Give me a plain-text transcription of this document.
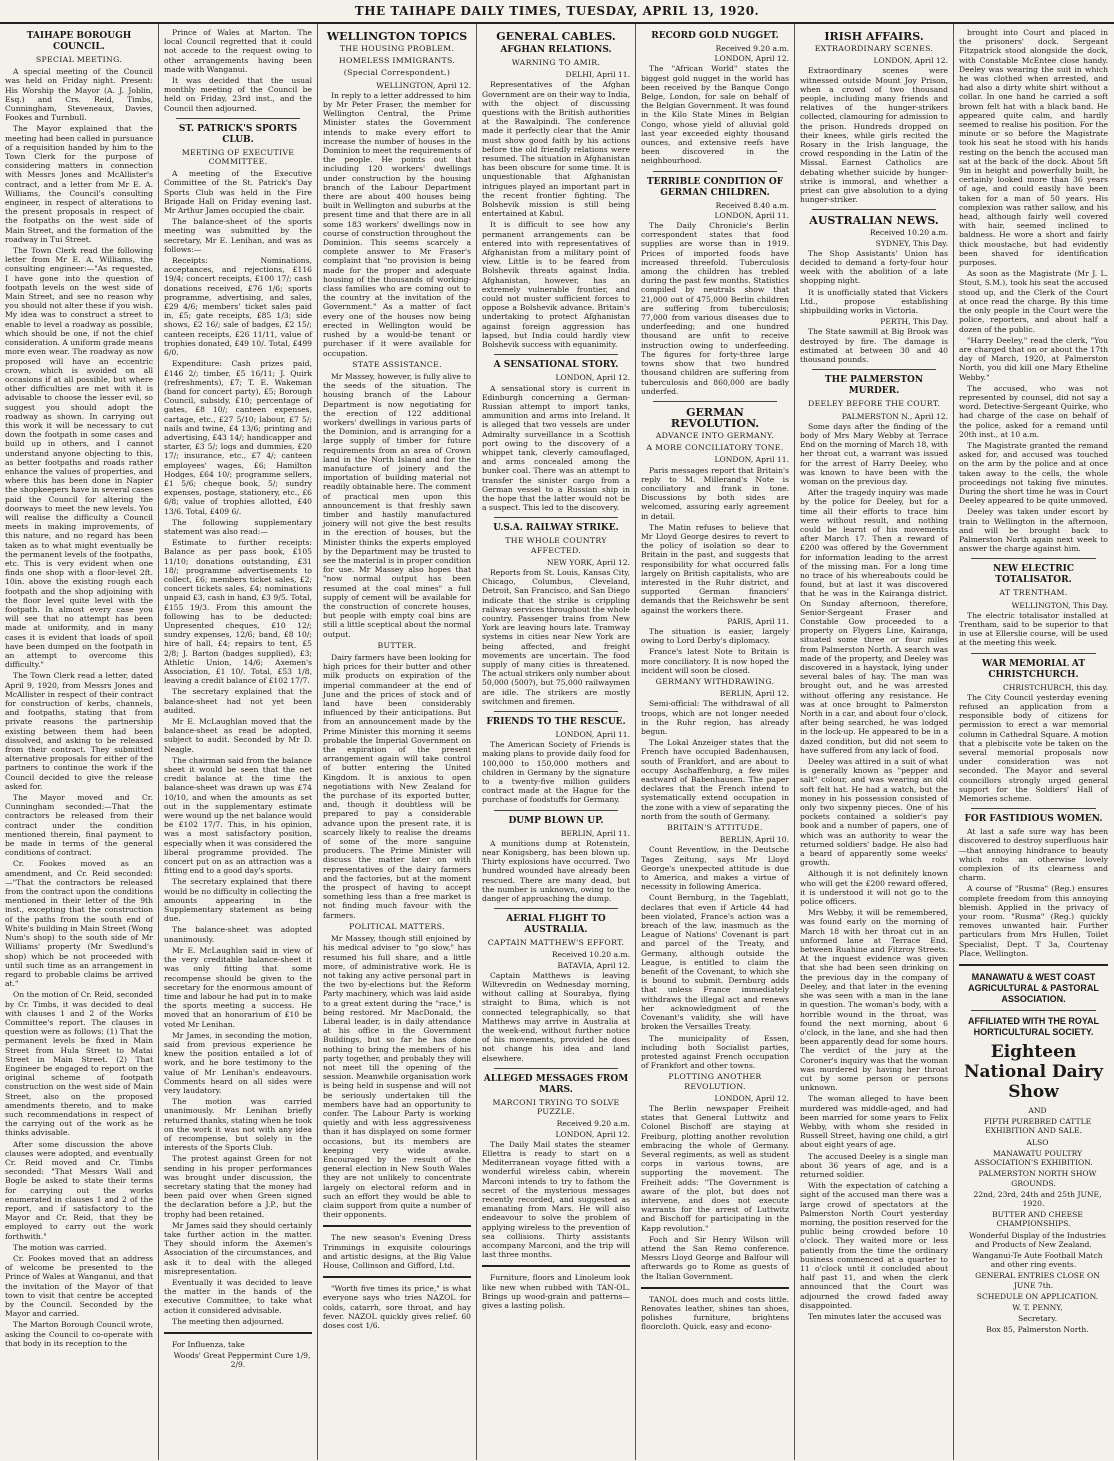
THE TAIHAPE DAILY TIMES, TUESDAY, APRIL 13, 1920.
TAIHAPE BOROUGH COUNCIL.
SPECIAL MEETING.

A special meeting of the Council was held on Friday night. Present: His Worship the Mayor (A. J. Joblin, Esq.) and Crs. Reid, Timbs, Cunningham, Steveneaux, Davies, Fookes and Turnbull.

The Mayor explained that the meeting had been called in pursuance of a requisition handed by him to the Town Clerk for the purpose of considering matters in connection with Messrs Jones and McAllister's contract, and a letter from Mr E. A. Williams, the Council's consulting engineer, in respect of alterations to the present proposals in respect of the footpaths on the west side of Main Street, and the formation of the roadway in Tui Street.

The Town Clerk read the following letter from Mr E. A. Williams, the consulting engineer:—"As requested, I have gone into the question of footpath levels on the west side of Main Street, and see no reason why you should not alter these if you wish. My idea was to construct a street to enable to level a roadway as possible, which should be one, if not the chief consideration. A uniform grade means more even wear. The roadway as now proposed will have an eccentric crown, which is avoided on all occasions if at all possible, but where other difficulties are met with it is advisable to choose the lesser evil, so suggest you should adopt the roadway as shown. In carrying out this work it will be necessary to cut down the footpath in some cases and build up in others, and I cannot understand anyone objecting to this, as better footpaths and roads rather enhance the values of properties, and where this has been done in Napier the shopkeepers have in several cases paid the Council for altering the doorways to meet the new levels. You will realise the difficulty a Council meets in making improvements, of this nature, and no regard has been taken as to what might eventually be the permanent levels of the footpaths, etc. This is very evident when one finds one shop with a floor-level 2ft. 10in. above the existing rough each footpath and the shop adjoining with the floor level quite level with the footpath. In almost every case you will see that no attempt has been made at uniformity, and in many cases it is evident that loads of spoil have been dumped on the footpath in an attempt to overcome this difficulty."

The Town Clerk read a letter, dated April 9, 1920, from Messrs Jones and McAllister in respect of their contract for construction of kerbs, channels, and footpaths, stating that from private reasons the partnership existing between them had been dissolved, and asking to be released from their contract. They submitted alternative proposals for either of the partners to continue the work if the Council decided to give the release asked for.

The Mayor moved and Cr. Cunningham seconded:—That the contractors be released from their contract under the condition mentioned therein, final payment to be made in terms of the general conditions of contract.

Cr. Fookes moved as an amendment, and Cr. Reid seconded:—"That the contractors be released from the contract upon the conditions mentioned in their letter of the 9th inst., excepting that the construction of the paths from the south end of White's building in Main Street (Wong Num's shop) to the south side of Mr Williams' property (Mr Swedlund's shop) which be not proceeded with until such time as an arrangement in regard to probable claims be arrived at."

On the motion of Cr. Reid, seconded by Cr. Timbs, it was decided to deal with clauses 1 and 2 of the Works Committee's report. The clauses in question were as follows: (1) That the permanent levels be fixed in Main Street from Hula Street to Matai Street in Main Street. (2) That Engineer be engaged to report on the original scheme of footpath construction on the west side of Main Street, also on the proposed amendments thereto, and to make such recommendations in respect of the carrying out of the work as he thinks advisable.

After some discussion the above clauses were adopted, and eventually Cr. Reid moved and Cr. Timbs seconded: "That Messrs Wall and Bogle be asked to state their terms for carrying out the works enumerated in clauses 1 and 2 of the report, and if satisfactory to the Mayor and Cr. Reid, that they be employed to carry out the work forthwith."

The motion was carried.

Cr. Fookes moved that an address of welcome be presented to the Prince of Wales at Wanganui, and that the invitation of the Mayor of that town to visit that centre be accepted by the Council. Seconded by the Mayor and carried.

The Marton Borough Council wrote, asking the Council to co-operate with that body in its reception to the

Prince of Wales at Marton. The local Council regretted that it could not accede to the request owing to other arrangements having been made with Wanganui.

It was decided that the usual monthly meeting of the Council be held on Friday, 23rd inst., and the Council then adjourned.

ST. PATRICK'S SPORTS CLUB.
MEETING OF EXECUTIVE COMMITTEE.

A meeting of the Executive Committee of the St. Patrick's Day Sports Club was held in the Fire Brigade Hall on Friday evening last. Mr Arthur James occupied the chair.

The balance-sheet of the sports meeting was submitted by the secretary, Mr E. Lenihan, and was as follows:—

Receipts: Nominations, acceptances, and rejections, £116 19/4; concert receipts, £100 17/; cash donations received, £76 1/6; sports programme, advertising, and sales, £29 4/6; members' ticket sales paid in, £5; gate receipts, £85 1/3; side shows, £2 16/; sale of badges, £2 15/; canteen receipts, £26 11/11, value of trophies donated, £49 10/. Total, £499 6/0.

Expenditure: Cash prizes paid, £146 2/; timber, £5 16/11; J. Quirk (refreshments), £7; T. E. Wakeman (band for concert party), £5; Borough Council, subsidy, £10; percentage of gates, £8 10/; canteen expenses, cartage, etc., £27 5/10; labour, £7 5/; nails and twine, £4 13/6; printing and advertising, £43 14/; handicapper and starter, £3 5/; logs and dummies, £20 17/; insurance, etc., £7 4/; canteen employees' wages, £6; Hamilton Hodges, £64 10/; programme sellers, £1 5/6; cheque book, 5/; sundry expenses, postage, stationery, etc., £6 6/8; value of trophies allotted, £40 13/6. Total, £409 6/.

The following supplementary statement was also read:—

Estimate to further receipts: Balance as per pass book, £105 11/10; donations outstanding, £31 18/; programme advertisements to collect, £6; members ticket sales, £2; concert tickets sales, £4; nominations unpaid £3, cash in hand, £3 9/5. Total, £155 19/3. From this amount the following has to be deducted: Unpresented cheques, £10 12/; sundry expenses, 12/6; band, £8 10/; hire of hall, £4; repairs to tent, £5 2/8; J. Barton (badges supplied), £3; Athletic Union, 14/6; Axemen's Association, £1 10/. Total, £53 1/8, leaving a credit balance of £102 17/7.

The secretary explained that the balance-sheet had not yet been audited.

Mr E. McLaughlan moved that the balance-sheet as read be adopted, subject to audit. Seconded by Mr D. Neagle.

The chairman said from the balance sheet it would be seen that the net credit balance at the time the balance-sheet was drawn up was £74 10/10, and when the amounts as set out in the supplementary estimate were wound up the net balance would be £102 17/7. This, in his opinion, was a most satisfactory position, especially when it was considered the liberal programme provided. The concert put on as an attraction was a fitting end to a good day's sports.

The secretary explained that there would be no difficulty in collecting the amounts appearing in the Supplementary statement as being due.

The balance-sheet was adopted unanimously.

Mr E. McLaughlan said in view of the very creditable balance-sheet it was only fitting that some recompense should be given to the secretary for the enormous amount of time and labour he had put in to make the sports meeting a success. He moved that an honorarium of £10 be voted Mr Lenihan.

Mr James, in seconding the motion, said from previous experience he knew the position entailed a lot of work, and he bore testimony to the value of Mr Lenihan's endeavours. Comments heard on all sides were very laudatory.

The motion was carried unanimously. Mr Lenihan briefly returned thanks, stating when he took on the work it was not with any idea of recompense, but solely in the interests of the Sports Club.

The protest against Green for not sending in his proper performances was brought under discussion, the secretary stating that the money had been paid over when Green signed the declaration before a J.P., but the trophy had been retained.

Mr James said they should certainly take further action in the matter. They should inform the Axemen's Association of the circumstances, and ask it to deal with the alleged misrepresentation.

Eventually it was decided to leave the matter in the hands of the executive Committee, to take what action it considered advisable.

The meeting then adjourned.

For Influenza, take

Woods' Great Peppermint Cure 1/9, 2/9.

WELLINGTON TOPICS
THE HOUSING PROBLEM.
HOMELESS IMMIGRANTS.
(Special Correspondent.)
WELLINGTON, April 12.

In reply to a letter addressed to him by Mr Peter Fraser, the member for Wellington Central, the Prime Minister states the Government intends to make every effort to increase the number of houses in the Dominion to meet the requirements of the people. He points out that including 120 workers' dwellings under construction by the housing branch of the Labour Department there are about 400 houses being built in Wellington and suburbs at the present time and that there are in all some 183 workers' dwellings now in course of construction throughout the Dominion. This seems scarcely a complete answer to Mr Fraser's complaint that "no provision is being made for the proper and adequate housing of the thousands of working-class families who are coming out to the country at the invitation of the Government." As a matter of fact every one of the houses now being erected in Wellington would be rushed by a would-be tenant or purchaser if it were available for occupation.

STATE ASSISTANCE.

Mr Massey, however, is fully alive to the seeds of the situation. The housing branch of the Labour Department is now negotiating for the erection of 122 additional workers' dwellings in various parts of the Dominion, and is arranging for a large supply of timber for future requirements from an area of Crown land in the North Island and for the manufacture of joinery and the importation of building material not readily obtainable here. The comment of practical men upon this announcement is that freshly sawn timber and hastily manufactured joinery will not give the best results in the erection of houses, but the Minister thinks the experts employed by the Department may be trusted to see the material is in proper condition for use. Mr Massey also hopes that "now normal output has been resumed at the coal mines" a full supply of cement will be available for the construction of concrete houses, but people with empty coal bins are still a little sceptical about the normal output.

BUTTER.

Dairy farmers have been looking for high prices for their butter and other milk products on expiration of the imperial commandeer at the end of June and the prices of stock and of land have been considerably influenced by their anticipations. But from an announcement made by the Prime Minister this morning it seems probable the Imperial Government on the expiration of the present arrangement again will take control of butter entering the United Kingdom. It is anxious to open negotiations with New Zealand for the purchase of its exported butter, and, though it doubtless will be prepared to pay a considerable advance upon the present rate, it is scarcely likely to realise the dreams of some of the more sanguine producers. The Prime Minister will discuss the matter later on with representatives of the dairy farmers and the factories, but at the moment the prospect of having to accept something less than a free market is not finding much favour with the farmers.

POLITICAL MATTERS.

Mr Massey, though still enjoined by his medical adviser to "go slow," has resumed his full share, and a little more, of administrative work. He is not taking any active personal part in the two by-elections but the Reform Party machinery, which was laid aside to a great extent during the "race," is being restored. Mr MacDonald, the Liberal leader, is in daily attendance at his office in the Government Buildings, but so far he has done nothing to bring the members of his party together, and probably they will not meet till the opening of the session. Meanwhile organisation work is being held in suspense and will not be seriously undertaken till the members have had an opportunity to confer. The Labour Party is working quietly and with less aggressiveness than it has displayed on some former occasions, but its members are keeping very wide awake. Encouraged by the result of the general election in New South Wales they are not unlikely to concentrate largely on electoral reform and in such an effort they would be able to claim support from quite a number of their opponents.

The new season's Evening Dress Trimmings in exquisite colourings and artistic designs, at the Big Value House, Collinson and Gifford, Ltd.

"Worth five times its price," is what everyone says who tries NAZOL for colds, catarrh, sore throat, and hay fever. NAZOL quickly gives relief. 60 doses cost 1/6.

GENERAL CABLES.
AFGHAN RELATIONS.
WARNING TO AMIR.
DELHI, April 11.

Representatives of the Afghan Government are on their way to India, with the object of discussing questions with the British authorities at the Rawalpindi. The conference made it perfectly clear that the Amir must show good faith by his actions before the old friendly relations were resumed. The situation in Afghanistan has been obscure for some time. It is unquestionable that Afghanistan intrigues played an important part in the recent frontier fighting. The Bolshevik mission is still being entertained at Kabul.

It is difficult to see how any permanent arrangements can be entered into with representatives of Afghanistan from a military point of view. Little is to be feared from Bolshevik threats against India. Afghanistan, however, has an extremely vulnerable frontier, and could not muster sufficient forces to oppose a Bolshevik advance. Britain's undertaking to protect Afghanistan against foreign aggression has lapsed, but India could hardly view Bolshevik success with equanimity.

A SENSATIONAL STORY.
LONDON, April 12.

A sensational story is current in Edinburgh concerning a German-Russian attempt to import tanks, ammunition and arms into Ireland. It is alleged that two vessels are under Admiralty surveillance in a Scottish port owing to the discovery of a whippet tank, cleverly camouflaged, and arms concealed among the bunker coal. There was an attempt to transfer the sinister cargo from a German vessel to a Russian ship in the hope that the latter would not be a suspect. This led to the discovery.

U.S.A. RAILWAY STRIKE.
THE WHOLE COUNTRY AFFECTED.
NEW YORK, April 12.

Reports from St. Louis, Kansas City, Chicago, Columbus, Cleveland, Detroit, San Francisco, and San Diego indicate that the strike is crippling railway services throughout the whole country. Passenger trains from New York are leaving hours late. Tramway systems in cities near New York are being affected, and freight movements are uncertain. The food supply of many cities is threatened. The actual strikers only number about 50,000 (500?), but 75,000 railwaymen are idle. The strikers are mostly switchmen and firemen.

FRIENDS TO THE RESCUE.
LONDON, April 11.

The American Society of Friends is making plans to provide daily food for 100,000 to 150,000 mothers and children in Germany by the signature to a twenty-five million guilders contract made at the Hague for the purchase of foodstuffs for Germany.

DUMP BLOWN UP.
BERLIN, April 11.

A munitions dump at Rotenstein, near Konigsberg, has been blown up. Thirty explosions have occurred. Two hundred wounded have already been rescued. There are many dead, but the number is unknown, owing to the danger of approaching the dump.

AERIAL FLIGHT TO AUSTRALIA.
CAPTAIN MATTHEW'S EFFORT.
Received 10.20 a.m.
BATAVIA, April 12.

Captain Matthews is leaving Wiltevredin on Wednesday morning, without calling at Sourabya, flying straight to Bima, which is not connected telegraphically, so that Matthews may arrive in Australia at the week-end, without further notice of his movements, provided he does not change his idea and land elsewhere.

ALLEGED MESSAGES FROM MARS.
MARCONI TRYING TO SOLVE PUZZLE.
Received 9.20 a.m.
LONDON, April 12.

The Daily Mail states the steamer Ellettra is ready to start on a Mediterranean voyage fitted with a wonderful wireless cabin, wherein Marconi intends to try to fathom the secret of the mysterious messages recently recorded, and suggested as emanating from Mars. He will also endeavour to solve the problem of applying wireless to the prevention of sea collisions. Thirty assistants accompany Marconi, and the trip will last three months.

Furniture, floors and Linoleum look like new when rubbed with TAN-OL. Brings up wood-grain and patterns—gives a lasting polish.

RECORD GOLD NUGGET.
Received 9.20 a.m.
LONDON, April 12.

The "African World" states the biggest gold nugget in the world has been received by the Banque Congo Belge, London, for sale on behalf of the Belgian Government. It was found in the Kilo State Mines in Belgian Congo, whose yield of alluvial gold last year exceeded eighty thousand ounces, and extensive reefs have been discovered in the neighbourhood.

TERRIBLE CONDITION OF GERMAN CHILDREN.
Received 8.40 a.m.
LONDON, April 11.

The Daily Chronicle's Berlin correspondent states that food supplies are worse than in 1919. Prices of imported foods have increased threefold. Tuberculosis among the children has trebled during the past few months. Statistics compiled by neutrals show that 21,000 out of 475,000 Berlin children are suffering from tuberculosis; 77,000 from various diseases due to underfeeding; and one hundred thousand are unfit to receive instruction owing to underfeeding. The figures for forty-three large towns show that two hundred thousand children are suffering from tuberculosis and 860,000 are badly underfed.

GERMAN REVOLUTION.
ADVANCE INTO GERMANY.
A MORE CONCILIATORY TONE.
LONDON, April 11.

Paris messages report that Britain's reply to M. Millerand's Note is conciliatory and frank in tone. Discussions by both sides are welcomed, assuring early agreement in detail.

The Matin refuses to believe that Mr Lloyd George desires to revert to the policy of isolation so dear to Britain in the past, and suggests that responsibility for what occurred falls largely on British capitalists, who are interested in the Ruhr district, and supported German financiers' demands that the Reichswehr be sent against the workers there.

PARIS, April 11.

The situation is easier, largely owing to Lord Derby's diplomacy.

France's latest Note to Britain is more conciliatory. It is now hoped the incident will soon be closed.

GERMANY WITHDRAWING.
BERLIN, April 12.

Semi-official: The withdrawal of all troops, which are not longer needed in the Ruhr region, has already begun.

The Lokal Anzeiger states that the French have occupied Badenhausen, south of Frankfort, and are about to occupy Aschaffenburg, a few miles eastward of Babenhausen. The paper declares that the French intend to systematically extend occupation in the zone with a view of separating the north from the south of Germany.

BRITAIN'S ATTITUDE.
BERLIN, April 10.

Count Reventlow, in the Deutsche Tages Zeitung, says Mr Lloyd George's unexpected attitude is due to America, and makes a virtue of necessity in following America.

Count Bernburg, in the Tageblatt, declares that even if Article 44 had been violated, France's action was a breach of the law, inasmuch as the League of Nations' Covenant is part and parcel of the Treaty, and Germany, although outside the League, is entitled to claim the benefit of the Covenant, to which she is bound to submit. Dernburg adds that unless France immediately withdraws the illegal act and renews her acknowledgment of the Covenant's validity, she will have broken the Versailles Treaty.

The municipality of Essen, including both Socialist parties, protested against French occupation of Frankfort and other towns.

PLOTTING ANOTHER REVOLUTION.
LONDON, April 12.

The Berlin newspaper Freiheit states that General Luttwitz and Colonel Bischoff are staying at Freiburg, plotting another revolution embracing the whole of Germany. Several regiments, as well as student corps in various towns, are supporting the movement. The Freiheit adds: "The Government is aware of the plot, but does not intervene, and does not execute warrants for the arrest of Luttwitz and Bischoff for participating in the Kapp revolution."

Foch and Sir Henry Wilson will attend the San Remo conference. Messrs Lloyd George and Balfour will afterwards go to Rome as guests of the Italian Government.

TANOL does much and costs little. Renovates leather, shines tan shoes, polishes furniture, brightens floorcloth. Quick, easy and econo-

IRISH AFFAIRS.
EXTRAORDINARY SCENES.
LONDON, April 12.

Extraordinary scenes were witnessed outside Mount Joy Prison, when a crowd of two thousand people, including many friends and relatives of the hunger-strikers collected, clamouring for admission to the prison. Hundreds dropped on their knees, while girls recited the Rosary in the Irish language, the crowd responding in the Latin of the Missal. Earnest Catholics are debating whether suicide by hunger-strike is immoral, and whether a priest can give absolution to a dying hunger-striker.

AUSTRALIAN NEWS.
Received 10.20 a.m.
SYDNEY, This Day.

The Shop Assistants' Union has decided to demand a forty-four hour week with the abolition of a late shopping night.

It is unofficially stated that Vickers Ltd., propose establishing shipbuilding works in Victoria.

PERTH, This Day.

The State sawmill at Big Brook was destroyed by fire. The damage is estimated at between 30 and 40 thousand pounds.

THE PALMERSTON MURDER.
DEELEY BEFORE THE COURT.
PALMERSTON N., April 12.

Some days after the finding of the body of Mrs Mary Webby at Terrace End on the morning of March 18, with her throat cut, a warrant was issued for the arrest of Harry Deeley, who was known to have been with the woman on the previous day.

After the tragedy inquiry was made by the police for Deeley, but for a time all their efforts to trace him were without result, and nothing could be learnt of his movements after March 17. Then a reward of £200 was offered by the Government for information leading to the arrest of the missing man. For a long time no trace of his whereabouts could be found, but at last it was discovered that he was in the Kairanga district. On Sunday afternoon, therefore, Senior-Sergeant Fraser and Constable Gow proceeded to a property on Flygers Line, Kairanga, situated some three or four miles from Palmerston North. A search was made of the property, and Deeley was discovered in a haystack, lying under several bales of hay. The man was brought out, and he was arrested without offering any resistance. He was at once brought to Palmerston North in a car, and about four o'clock, after being searched, he was lodged in the lock-up. He appeared to be in a dazed condition, but did not seem to have suffered from any lack of food.

Deeley was attired in a suit of what is generally known as "pepper and salt" colour, and was wearing an old soft felt hat. He had a watch, but the money in his possession consisted of only two sixpenny pieces. One of his pockets contained a soldier's pay book and a number of papers, one of which was an authority to wear the returned soldiers' badge. He also had a beard of apparently some weeks' growth.

Although it is not definitely known who will get the £200 reward offered, it is understood it will not go to the police officers.

Mrs Webby, it will be remembered, was found early on the morning of March 18 with her throat cut in an unformed lane at Terrace End, between Ruahine and Fitzroy Streets. At the inquest evidence was given that she had been seen drinking on the previous day in the company of Deeley, and that later in the evening she was seen with a man in the lane in question. The woman's body, with a horrible wound in the throat, was found the next morning, about 6 o'clock, in the lane, and she had then been apparently dead for some hours. The verdict of the jury at the Coroner's inquiry was that the woman was murdered by having her throat cut by some person or persons unknown.

The woman alleged to have been murdered was middle-aged, and had been married for some years to Felix Webby, with whom she resided in Russell Street, having one child, a girl about eight years of age.

The accused Deeley is a single man about 36 years of age, and is a returned soldier.

With the expectation of catching a sight of the accused man there was a large crowd of spectators at the Palmerston North Court yesterday morning, the position reserved for the public being crowded before 10 o'clock. They waited more or less patiently from the time the ordinary business commenced at a quarter to 11 o'clock until it concluded about half past 11, and when the clerk announced that the Court was adjourned the crowd faded away disappointed.

Ten minutes later the accused was

brought into Court and placed in the prisoners' dock. Sergeant Fitzpatrick stood alongside the dock, with Constable McEntee close handy. Deeley was wearing the suit in which he was clothed when arrested, and had also a dirty white shirt without a collar. In one hand he carried a soft brown felt hat with a black band. He appeared quite calm, and hardly seemed to realise his position. For the minute or so before the Magistrate took his seat he stood with his hands resting on the bench the accused man sat at the back of the dock. About 5ft 9in in height and powerfully built, he certainly looked more than 36 years of age, and could easily have been taken for a man of 50 years. His complexion was rather sallow, and his head, although fairly well covered with hair, seemed inclined to baldness. He wore a short and fairly thick moustache, but had evidently been shaved for identification purposes.

As soon as the Magistrate (Mr J. L. Stout, S.M.), took his seat the accused stood up, and the Clerk of the Court at once read the charge. By this time the only people in the Court were the police, reporters, and about half a dozen of the public.

"Harry Deeley," read the clerk, "You are charged that on or about the 17th day of March, 1920, at Palmerston North, you did kill one Mary Etheline Webby."

The accused, who was not represented by counsel, did not say a word. Detective-Sergeant Quirke, who had charge of the case on behalf of the police, asked for a remand until 20th inst., at 10 a.m.

The Magistrate granted the remand asked for, and accused was touched on the arm by the police and at once taken away to the cells, the whole proceedings not taking five minutes. During the short time he was in Court Deeley appeared to be quite unmoved.

Deeley was taken under escort by train to Wellington in the afternoon, and will be brought back to Palmerston North again next week to answer the charge against him.

NEW ELECTRIC TOTALISATOR.
AT TRENTHAM.
WELLINGTON, This Day.

The electric totalisator installed at Trentham, said to be superior to that in use at Ellerslie course, will be used at the meeting this week.

WAR MEMORIAL AT CHRISTCHURCH.
CHRISTCHURCH, this day.

The City Council yesterday evening refused an application from a responsible body of citizens for permission to erect a war memorial column in Cathedral Square. A motion that a plebiscite vote be taken on the several memorial proposals now under consideration was not seconded. The Mayor and several councillors strongly urged general support for the Soldiers' Hall of Memories scheme.

FOR FASTIDIOUS WOMEN.

At last a safe sure way has been discovered to destroy superfluous hair—that annoying hindrance to beauty which robs an otherwise lovely complexion of its clearness and charm.

A course of "Rusma" (Reg.) ensures complete freedom from this annoying blemish. Applied in the privacy of your room. "Rusma" (Reg.) quickly removes unwanted hair. Further particulars from Mrs Hullen, Toilet Specialist, Dept. T 3a, Courtenay Place, Wellington.

MANAWATU & WEST COAST AGRICULTURAL & PASTORAL ASSOCIATION.
AFFILIATED WITH THE ROYAL HORTICULTURAL SOCIETY.
Eighteen National Dairy Show

AND

FIFTH PUREBRED CATTLE EXHIBITION AND SALE.

ALSO

MANAWATU POULTRY ASSOCIATION'S EXHIBITION.

PALMERSTON NORTH SHOW GROUNDS.

22nd, 23rd, 24th and 25th JUNE, 1920.

BUTTER AND CHEESE CHAMPIONSHIPS.

Wonderful Display of the Industries and Products of New Zealand.

Wanganui-Te Aute Football Match and other ring events.

GENERAL ENTRIES CLOSE ON JUNE 7th.

SCHEDULE ON APPLICATION.

W. T. PENNY,

Secretary.

Box 85, Palmerston North.
